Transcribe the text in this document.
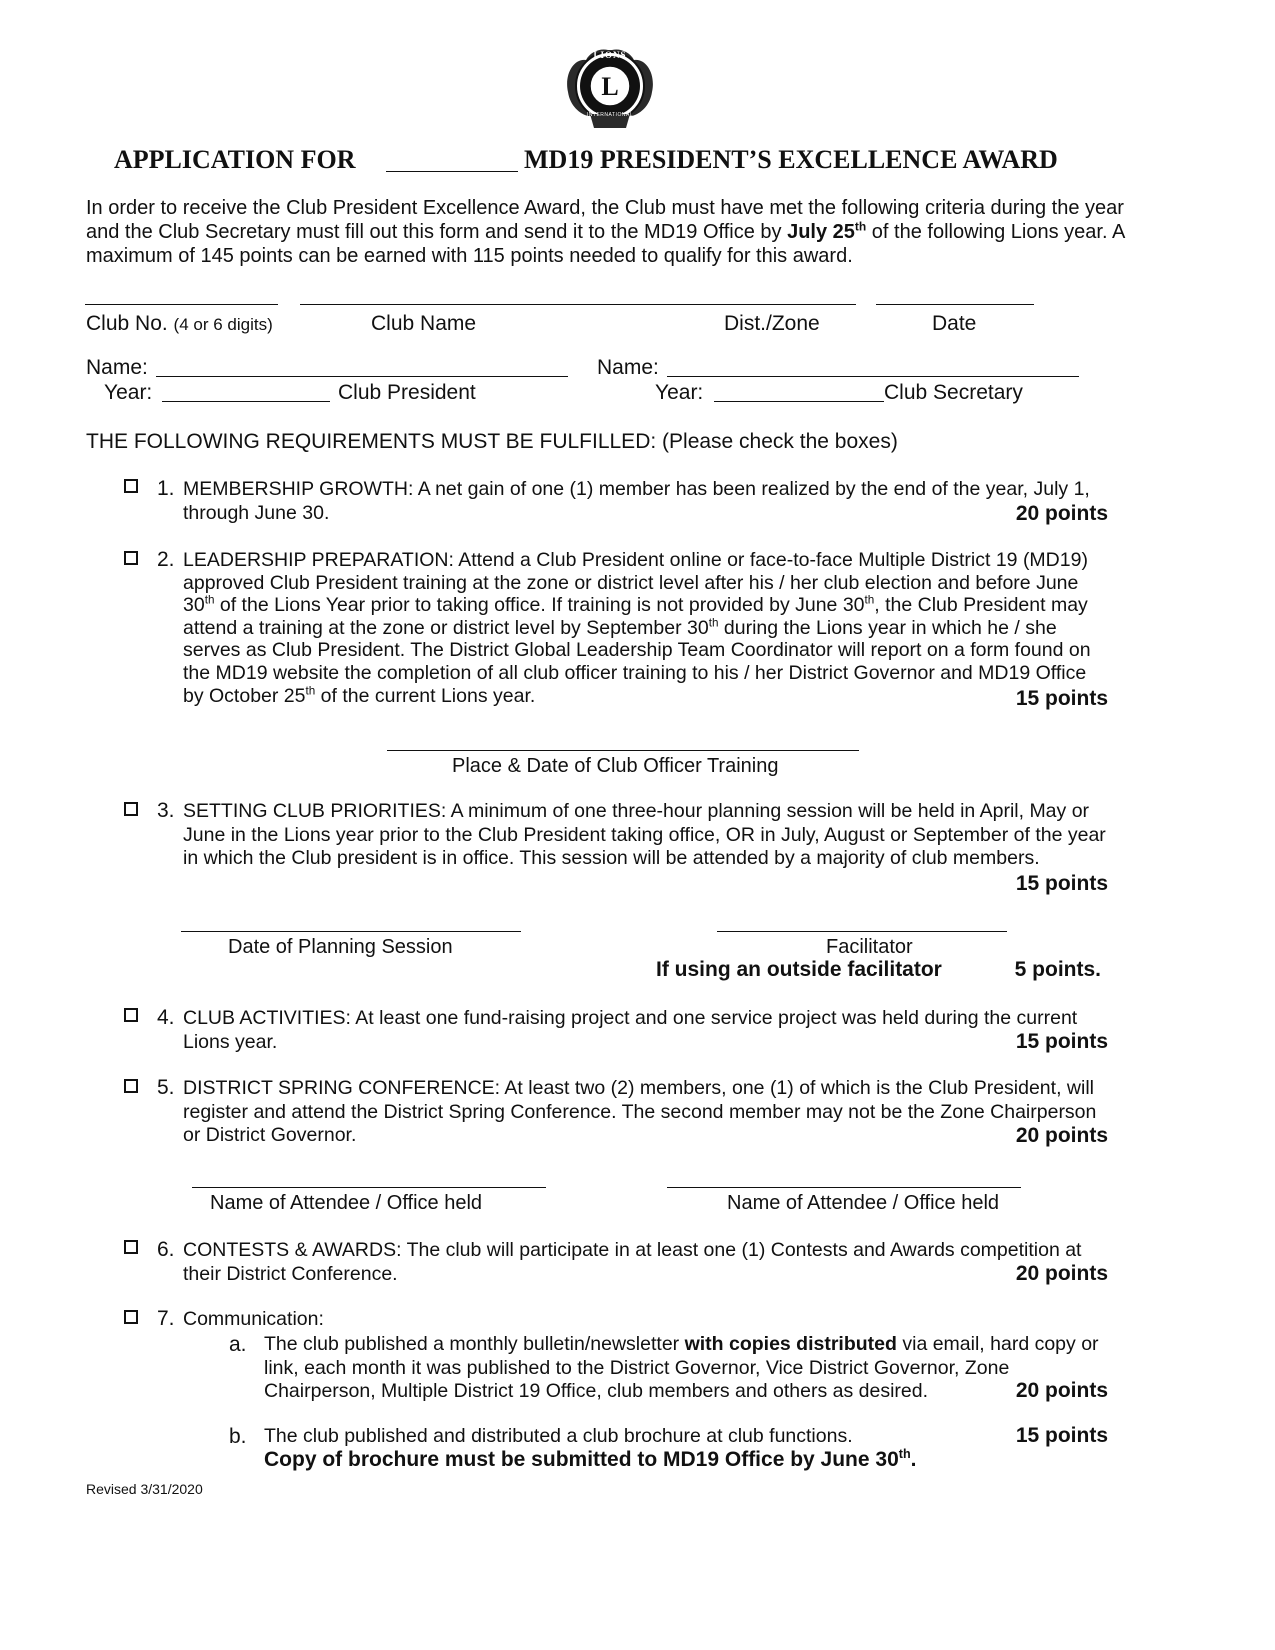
L
LIONS
INTERNATIONAL
APPLICATION FOR	MD19 PRESIDENT’S EXCELLENCE AWARD
In order to receive the Club President Excellence Award, the Club must have met the following criteria during the year
and the Club Secretary must fill out this form and send it to the MD19 Office by July 25th of the following Lions year. A
maximum of 145 points can be earned with 115 points needed to qualify for this award.
Club No. (4 or 6 digits)	Club Name	Dist./Zone	Date
Name:
Year:	Club President
Name:
Year:	Club Secretary
THE FOLLOWING REQUIREMENTS MUST BE FULFILLED: (Please check the boxes)
1. MEMBERSHIP GROWTH: A net gain of one (1) member has been realized by the end of the year, July 1,
through June 30.	20 points
2. LEADERSHIP PREPARATION: Attend a Club President online or face-to-face Multiple District 19 (MD19)
approved Club President training at the zone or district level after his / her club election and before June
30th of the Lions Year prior to taking office. If training is not provided by June 30th, the Club President may
attend a training at the zone or district level by September 30th during the Lions year in which he / she
serves as Club President. The District Global Leadership Team Coordinator will report on a form found on
the MD19 website the completion of all club officer training to his / her District Governor and MD19 Office
by October 25th of the current Lions year.	15 points
Place & Date of Club Officer Training
3. SETTING CLUB PRIORITIES: A minimum of one three-hour planning session will be held in April, May or
June in the Lions year prior to the Club President taking office, OR in July, August or September of the year
in which the Club president is in office. This session will be attended by a majority of club members.
15 points
Date of Planning Session	Facilitator
If using an outside facilitator	5 points.
4. CLUB ACTIVITIES: At least one fund-raising project and one service project was held during the current
Lions year.	15 points
5. DISTRICT SPRING CONFERENCE: At least two (2) members, one (1) of which is the Club President, will
register and attend the District Spring Conference. The second member may not be the Zone Chairperson
or District Governor.	20 points
Name of Attendee / Office held	Name of Attendee / Office held
6. CONTESTS & AWARDS: The club will participate in at least one (1) Contests and Awards competition at
their District Conference.	20 points
7. Communication:
a. The club published a monthly bulletin/newsletter with copies distributed via email, hard copy or
link, each month it was published to the District Governor, Vice District Governor, Zone
Chairperson, Multiple District 19 Office, club members and others as desired.	20 points
b. The club published and distributed a club brochure at club functions.	15 points
Copy of brochure must be submitted to MD19 Office by June 30th.
Revised 3/31/2020
